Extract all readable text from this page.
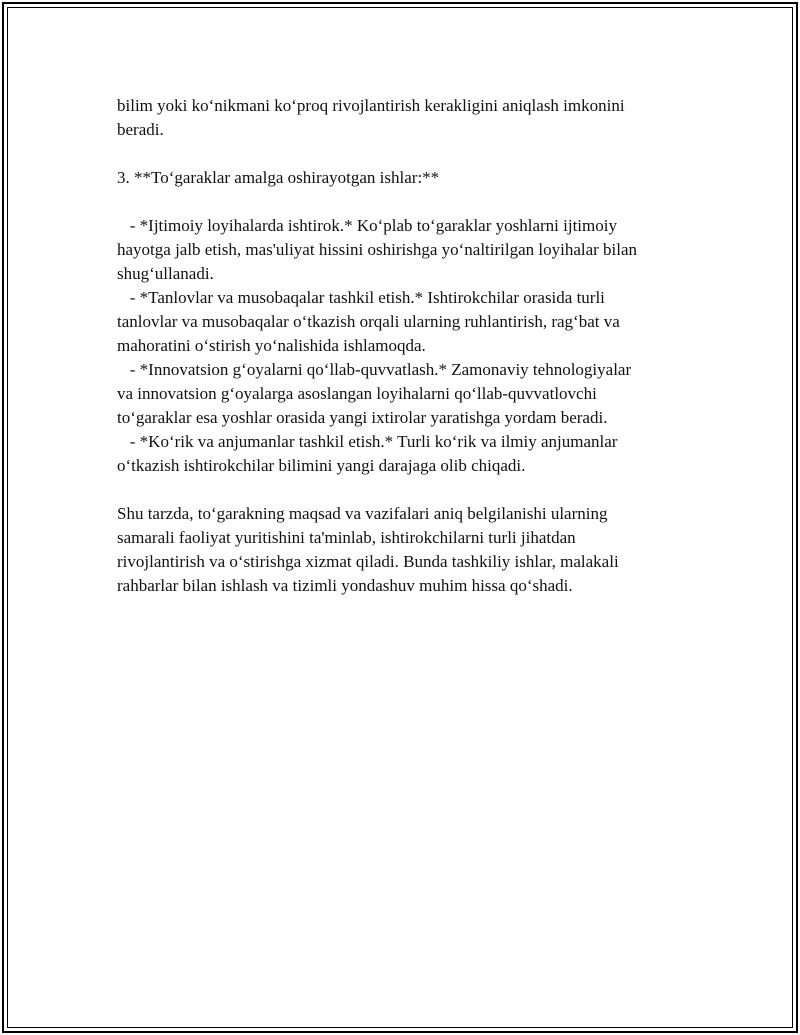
bilim yoki ko‘nikmani ko‘proq rivojlantirish kerakligini aniqlash imkonini
beradi.
3. **To‘garaklar amalga oshirayotgan ishlar:**
- *Ijtimoiy loyihalarda ishtirok.* Ko‘plab to‘garaklar yoshlarni ijtimoiy
hayotga jalb etish, mas'uliyat hissini oshirishga yo‘naltirilgan loyihalar bilan
shug‘ullanadi.
- *Tanlovlar va musobaqalar tashkil etish.* Ishtirokchilar orasida turli
tanlovlar va musobaqalar o‘tkazish orqali ularning ruhlantirish, rag‘bat va
mahoratini o‘stirish yo‘nalishida ishlamoqda.
- *Innovatsion g‘oyalarni qo‘llab-quvvatlash.* Zamonaviy tehnologiyalar
va innovatsion g‘oyalarga asoslangan loyihalarni qo‘llab-quvvatlovchi
to‘garaklar esa yoshlar orasida yangi ixtirolar yaratishga yordam beradi.
- *Ko‘rik va anjumanlar tashkil etish.* Turli ko‘rik va ilmiy anjumanlar
o‘tkazish ishtirokchilar bilimini yangi darajaga olib chiqadi.
Shu tarzda, to‘garakning maqsad va vazifalari aniq belgilanishi ularning
samarali faoliyat yuritishini ta'minlab, ishtirokchilarni turli jihatdan
rivojlantirish va o‘stirishga xizmat qiladi. Bunda tashkiliy ishlar, malakali
rahbarlar bilan ishlash va tizimli yondashuv muhim hissa qo‘shadi.
